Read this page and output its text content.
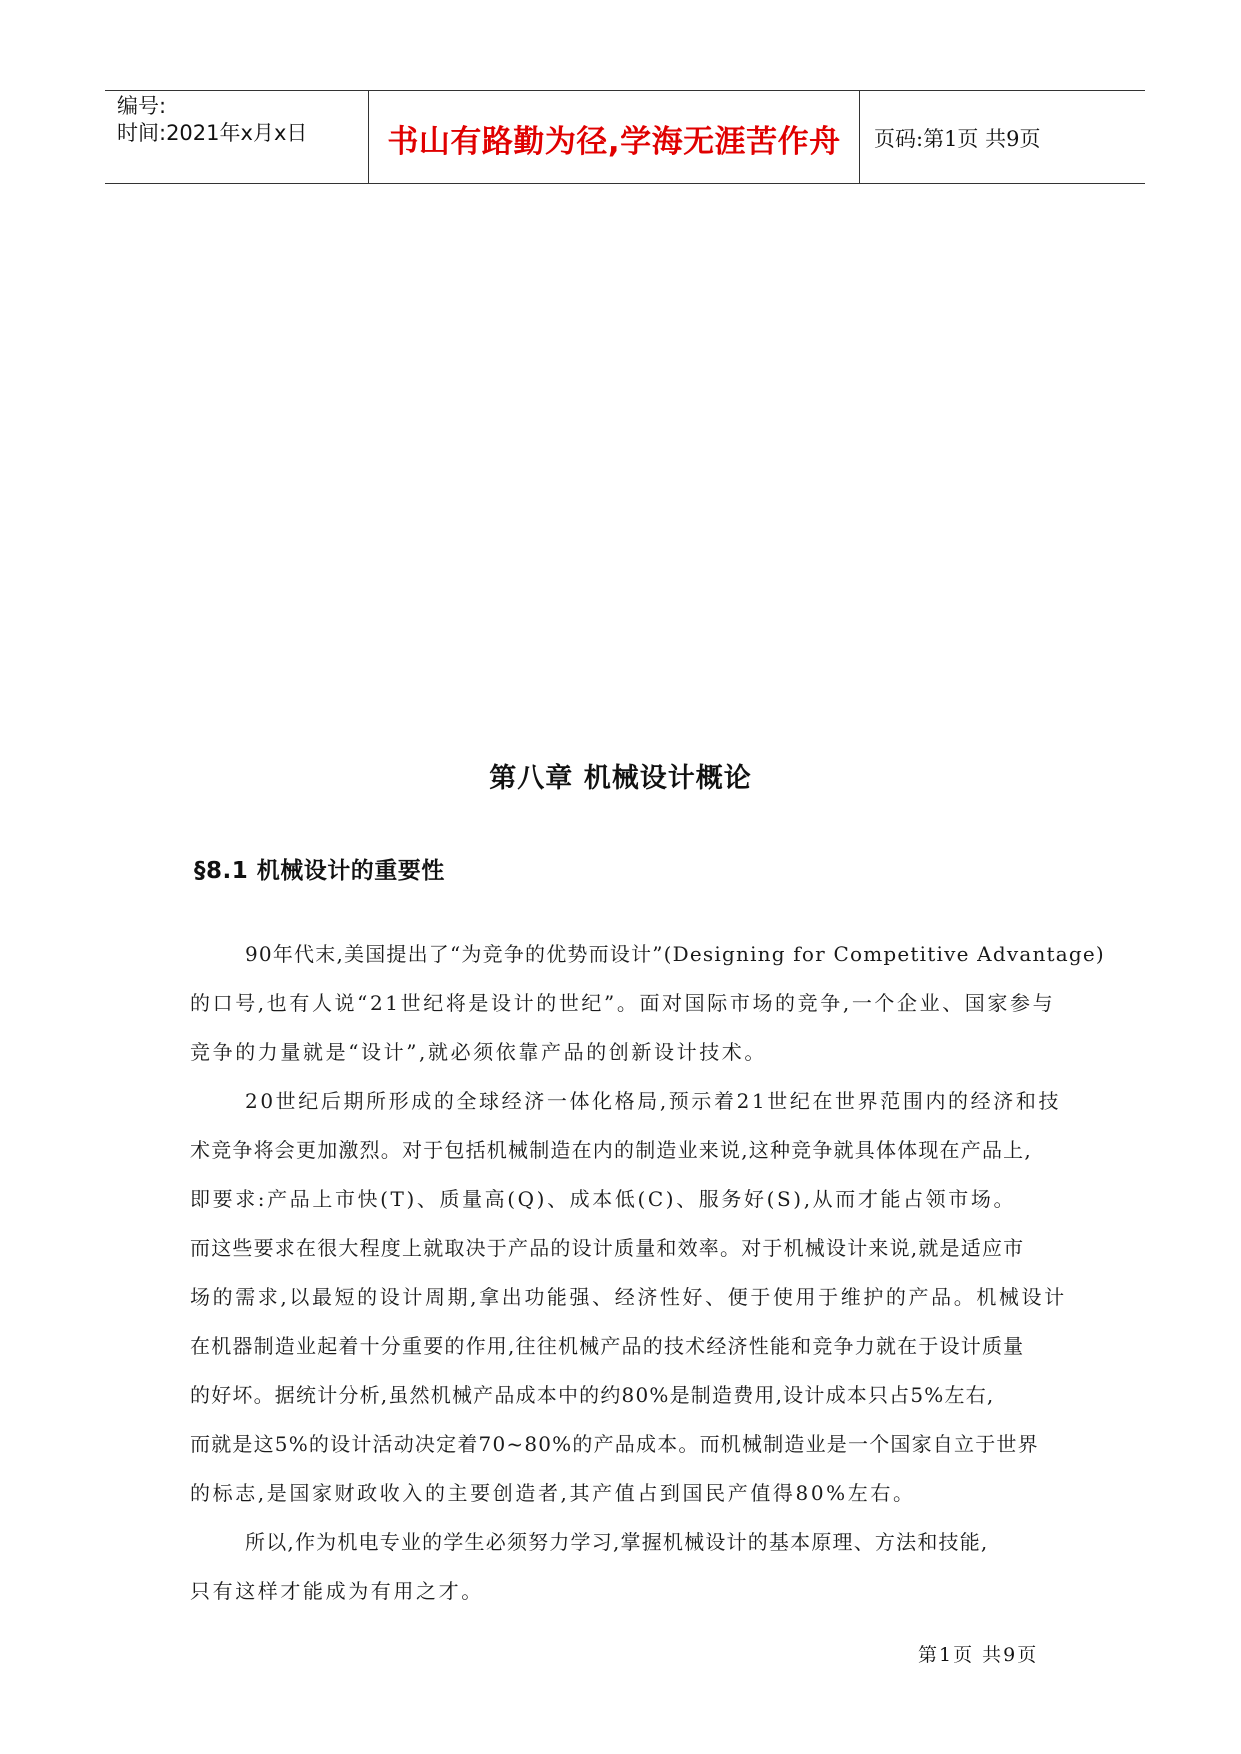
编号:
时间:2021年x月x日	书山有路勤为径,学海无涯苦作舟	页码:第1页 共9页
第八章 机械设计概论
§8.1 机械设计的重要性
90年代末,美国提出了“为竞争的优势而设计”(Designing for Competitive Advantage)
的口号,也有人说“21世纪将是设计的世纪”。面对国际市场的竞争,一个企业、国家参与
竞争的力量就是“设计”,就必须依靠产品的创新设计技术。
20世纪后期所形成的全球经济一体化格局,预示着21世纪在世界范围内的经济和技
术竞争将会更加激烈。对于包括机械制造在内的制造业来说,这种竞争就具体体现在产品上,
即要求:产品上市快(T)、质量高(Q)、成本低(C)、服务好(S),从而才能占领市场。
而这些要求在很大程度上就取决于产品的设计质量和效率。对于机械设计来说,就是适应市
场的需求,以最短的设计周期,拿出功能强、经济性好、便于使用于维护的产品。机械设计
在机器制造业起着十分重要的作用,往往机械产品的技术经济性能和竞争力就在于设计质量
的好坏。据统计分析,虽然机械产品成本中的约80%是制造费用,设计成本只占5%左右,
而就是这5%的设计活动决定着70~80%的产品成本。而机械制造业是一个国家自立于世界
的标志,是国家财政收入的主要创造者,其产值占到国民产值得80%左右。
所以,作为机电专业的学生必须努力学习,掌握机械设计的基本原理、方法和技能,
只有这样才能成为有用之才。
第1页 共9页
